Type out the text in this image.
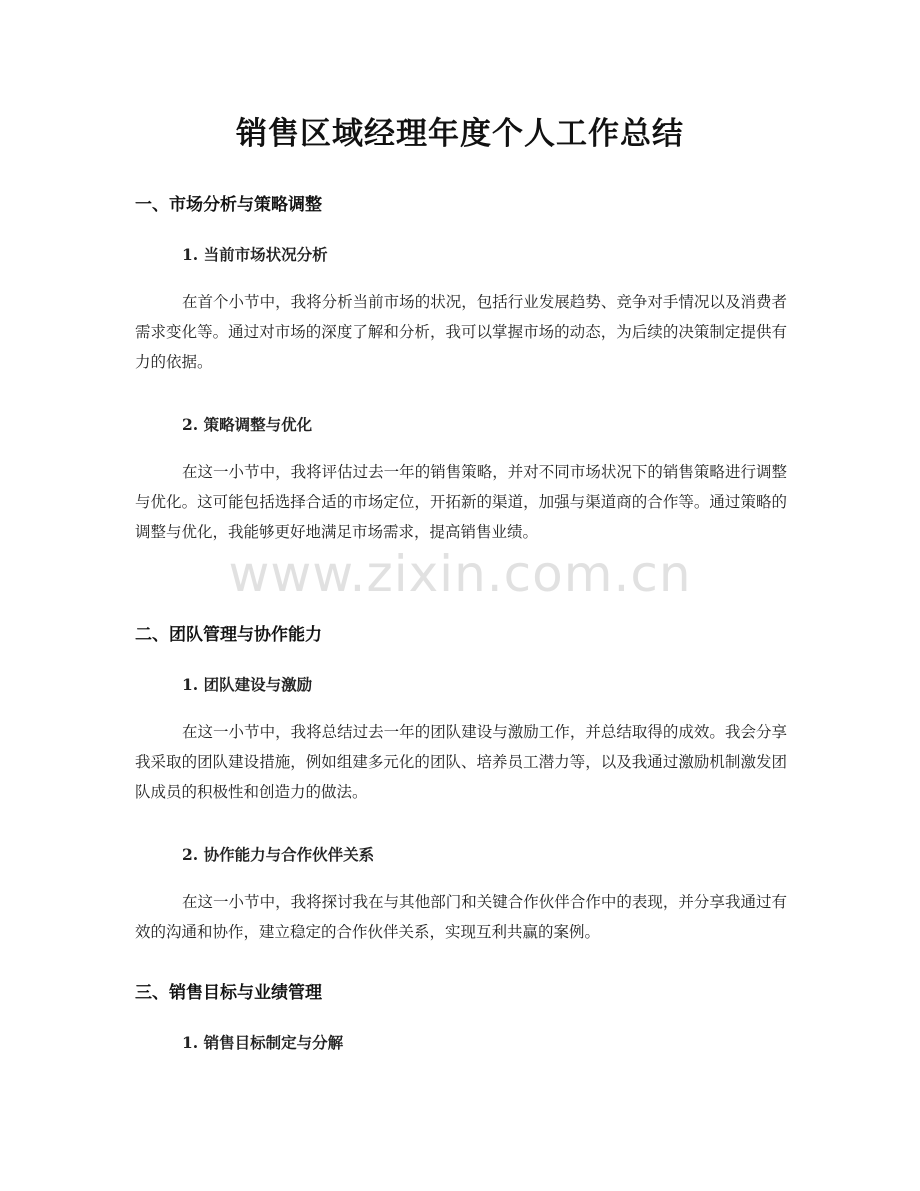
销售区域经理年度个人工作总结
一、市场分析与策略调整
1. 当前市场状况分析

在首个小节中，我将分析当前市场的状况，包括行业发展趋势、竞争对手情况以及消费者需求变化等。通过对市场的深度了解和分析，我可以掌握市场的动态，为后续的决策制定提供有力的依据。

2. 策略调整与优化

在这一小节中，我将评估过去一年的销售策略，并对不同市场状况下的销售策略进行调整与优化。这可能包括选择合适的市场定位，开拓新的渠道，加强与渠道商的合作等。通过策略的调整与优化，我能够更好地满足市场需求，提高销售业绩。

二、团队管理与协作能力
1. 团队建设与激励

在这一小节中，我将总结过去一年的团队建设与激励工作，并总结取得的成效。我会分享我采取的团队建设措施，例如组建多元化的团队、培养员工潜力等，以及我通过激励机制激发团队成员的积极性和创造力的做法。

2. 协作能力与合作伙伴关系

在这一小节中，我将探讨我在与其他部门和关键合作伙伴合作中的表现，并分享我通过有效的沟通和协作，建立稳定的合作伙伴关系，实现互利共赢的案例。

三、销售目标与业绩管理
1. 销售目标制定与分解
www.zixin.com.cn
